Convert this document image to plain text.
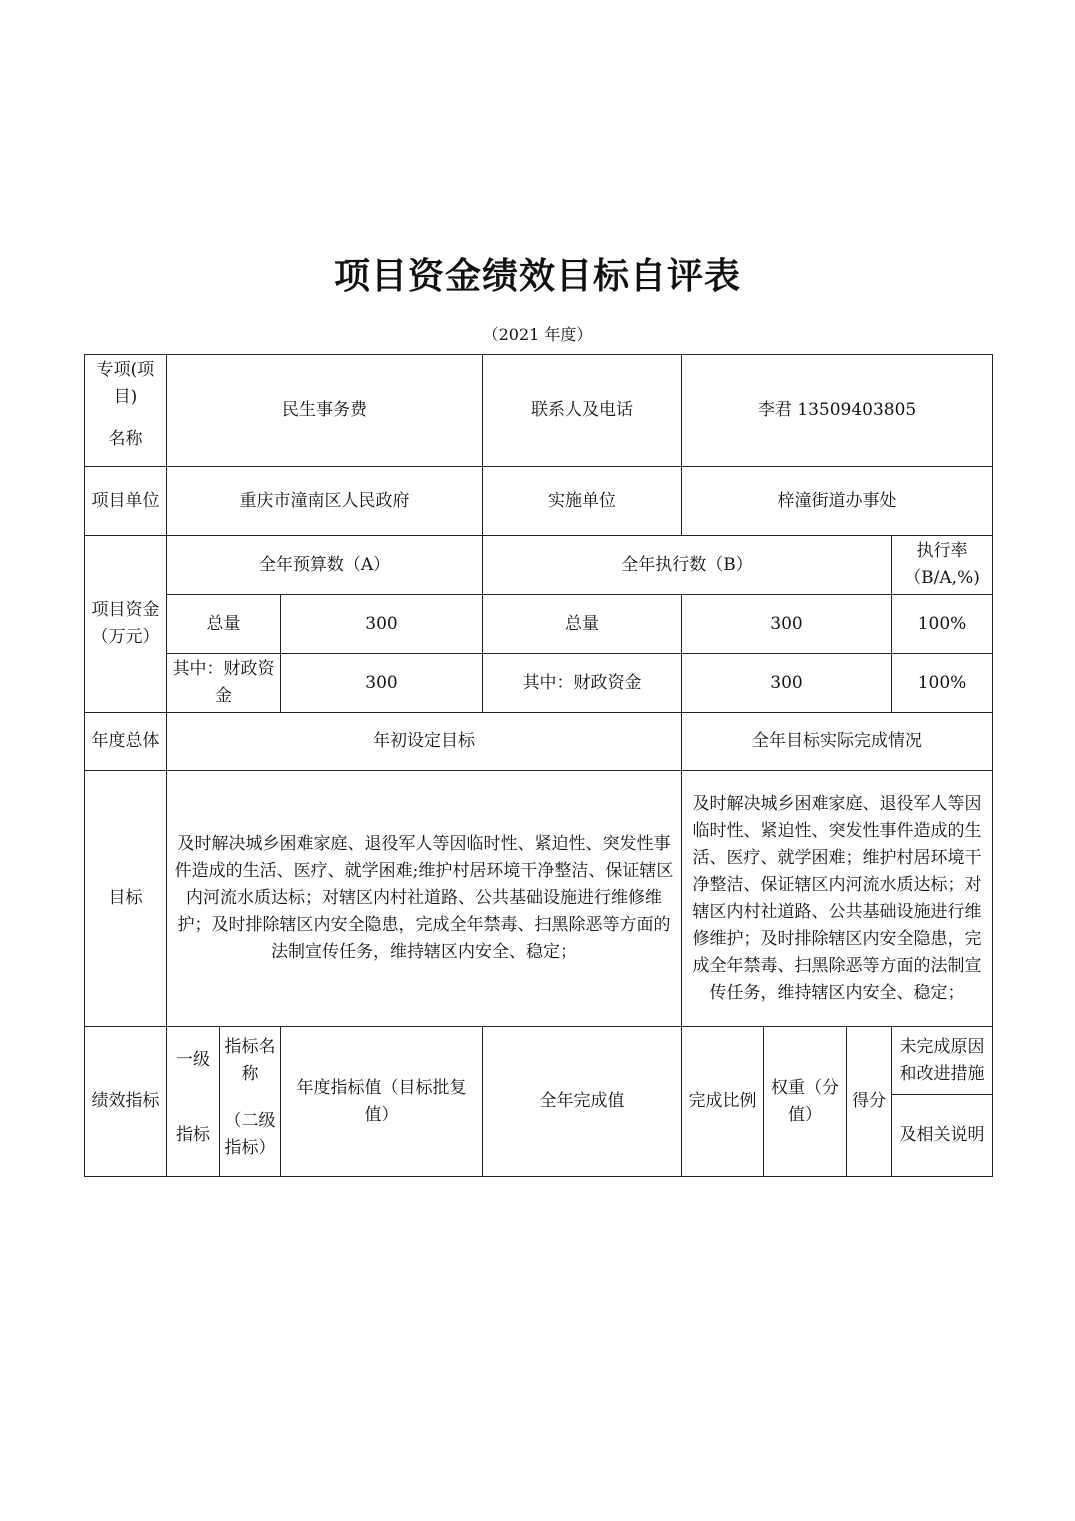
项目资金绩效目标自评表
（2021 年度）
专项(项目)	民生事务费			联系人及电话	李君 13509403805			
名称								
项目单位	重庆市潼南区人民政府			实施单位	梓潼街道办事处			
项目资金（万元）	全年预算数（A）			全年执行数（B）				执行率（B/A,%)
	总量		300	总量	300			100%
	其中：财政资金		300	其中：财政资金	300			100%
年度总体	年初设定目标				全年目标实际完成情况			
目标	及时解决城乡困难家庭、退役军人等因临时性、紧迫性、突发性事件造成的生活、医疗、就学困难;维护村居环境干净整洁、保证辖区内河流水质达标；对辖区内村社道路、公共基础设施进行维修维护；及时排除辖区内安全隐患，完成全年禁毒、扫黑除恶等方面的法制宣传任务，维持辖区内安全、稳定；				及时解决城乡困难家庭、退役军人等因临时性、紧迫性、突发性事件造成的生活、医疗、就学困难；维护村居环境干净整洁、保证辖区内河流水质达标；对辖区内村社道路、公共基础设施进行维修维护；及时排除辖区内安全隐患，完成全年禁毒、扫黑除恶等方面的法制宣传任务，维持辖区内安全、稳定；			
绩效指标	一级	指标名称	年度指标值（目标批复值）	全年完成值	完成比例	权重（分值）	得分	未完成原因和改进措施
	指标	（二级指标）						及相关说明
